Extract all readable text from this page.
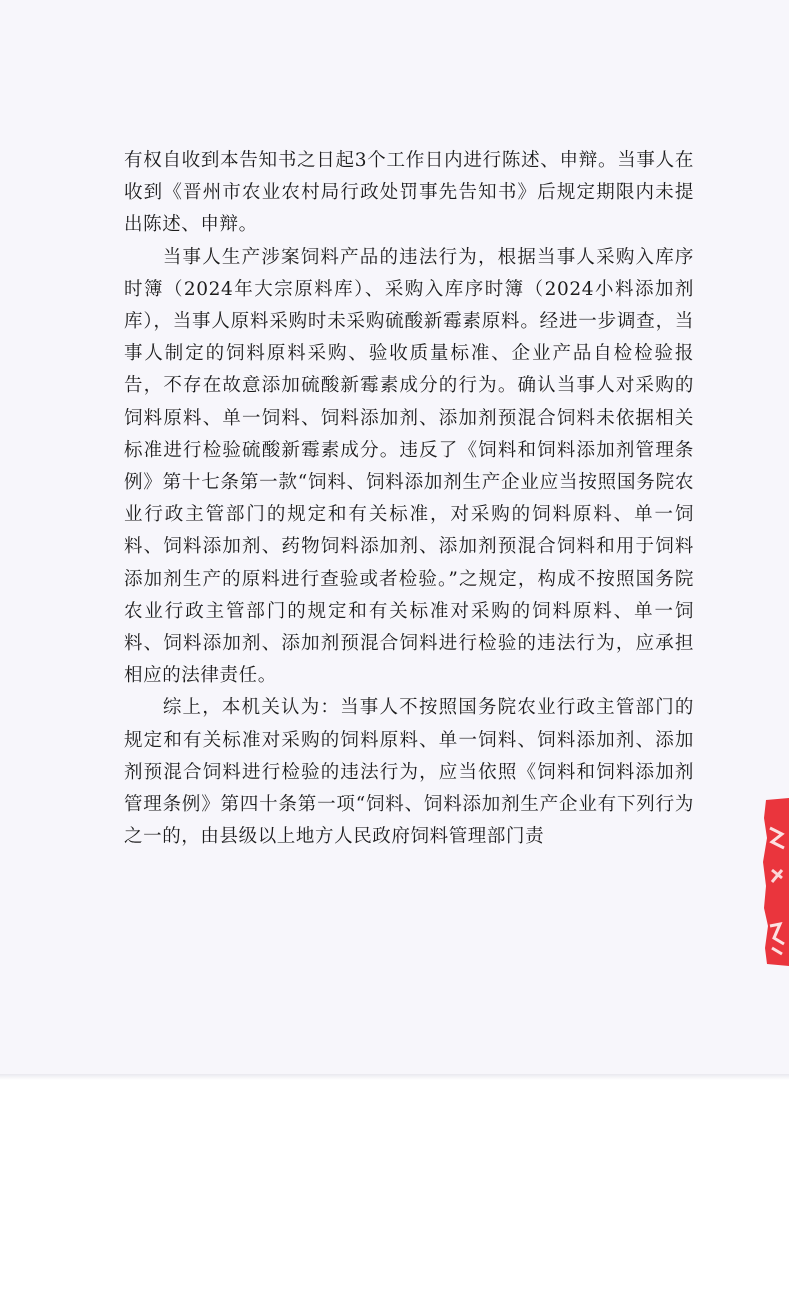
有权自收到本告知书之日起3个工作日内进行陈述、申辩。当事人在收到《晋州市农业农村局行政处罚事先告知书》后规定期限内未提出陈述、申辩。

当事人生产涉案饲料产品的违法行为，根据当事人采购入库序时簿（2024年大宗原料库）、采购入库序时簿（2024小料添加剂库），当事人原料采购时未采购硫酸新霉素原料。经进一步调查，当事人制定的饲料原料采购、验收质量标准、企业产品自检检验报告，不存在故意添加硫酸新霉素成分的行为。确认当事人对采购的饲料原料、单一饲料、饲料添加剂、添加剂预混合饲料未依据相关标准进行检验硫酸新霉素成分。违反了《饲料和饲料添加剂管理条例》第十七条第一款“饲料、饲料添加剂生产企业应当按照国务院农业行政主管部门的规定和有关标准，对采购的饲料原料、单一饲料、饲料添加剂、药物饲料添加剂、添加剂预混合饲料和用于饲料添加剂生产的原料进行查验或者检验。”之规定，构成不按照国务院农业行政主管部门的规定和有关标准对采购的饲料原料、单一饲料、饲料添加剂、添加剂预混合饲料进行检验的违法行为，应承担相应的法律责任。

综上，本机关认为：当事人不按照国务院农业行政主管部门的规定和有关标准对采购的饲料原料、单一饲料、饲料添加剂、添加剂预混合饲料进行检验的违法行为，应当依照《饲料和饲料添加剂管理条例》第四十条第一项“饲料、饲料添加剂生产企业有下列行为之一的，由县级以上地方人民政府饲料管理部门责
